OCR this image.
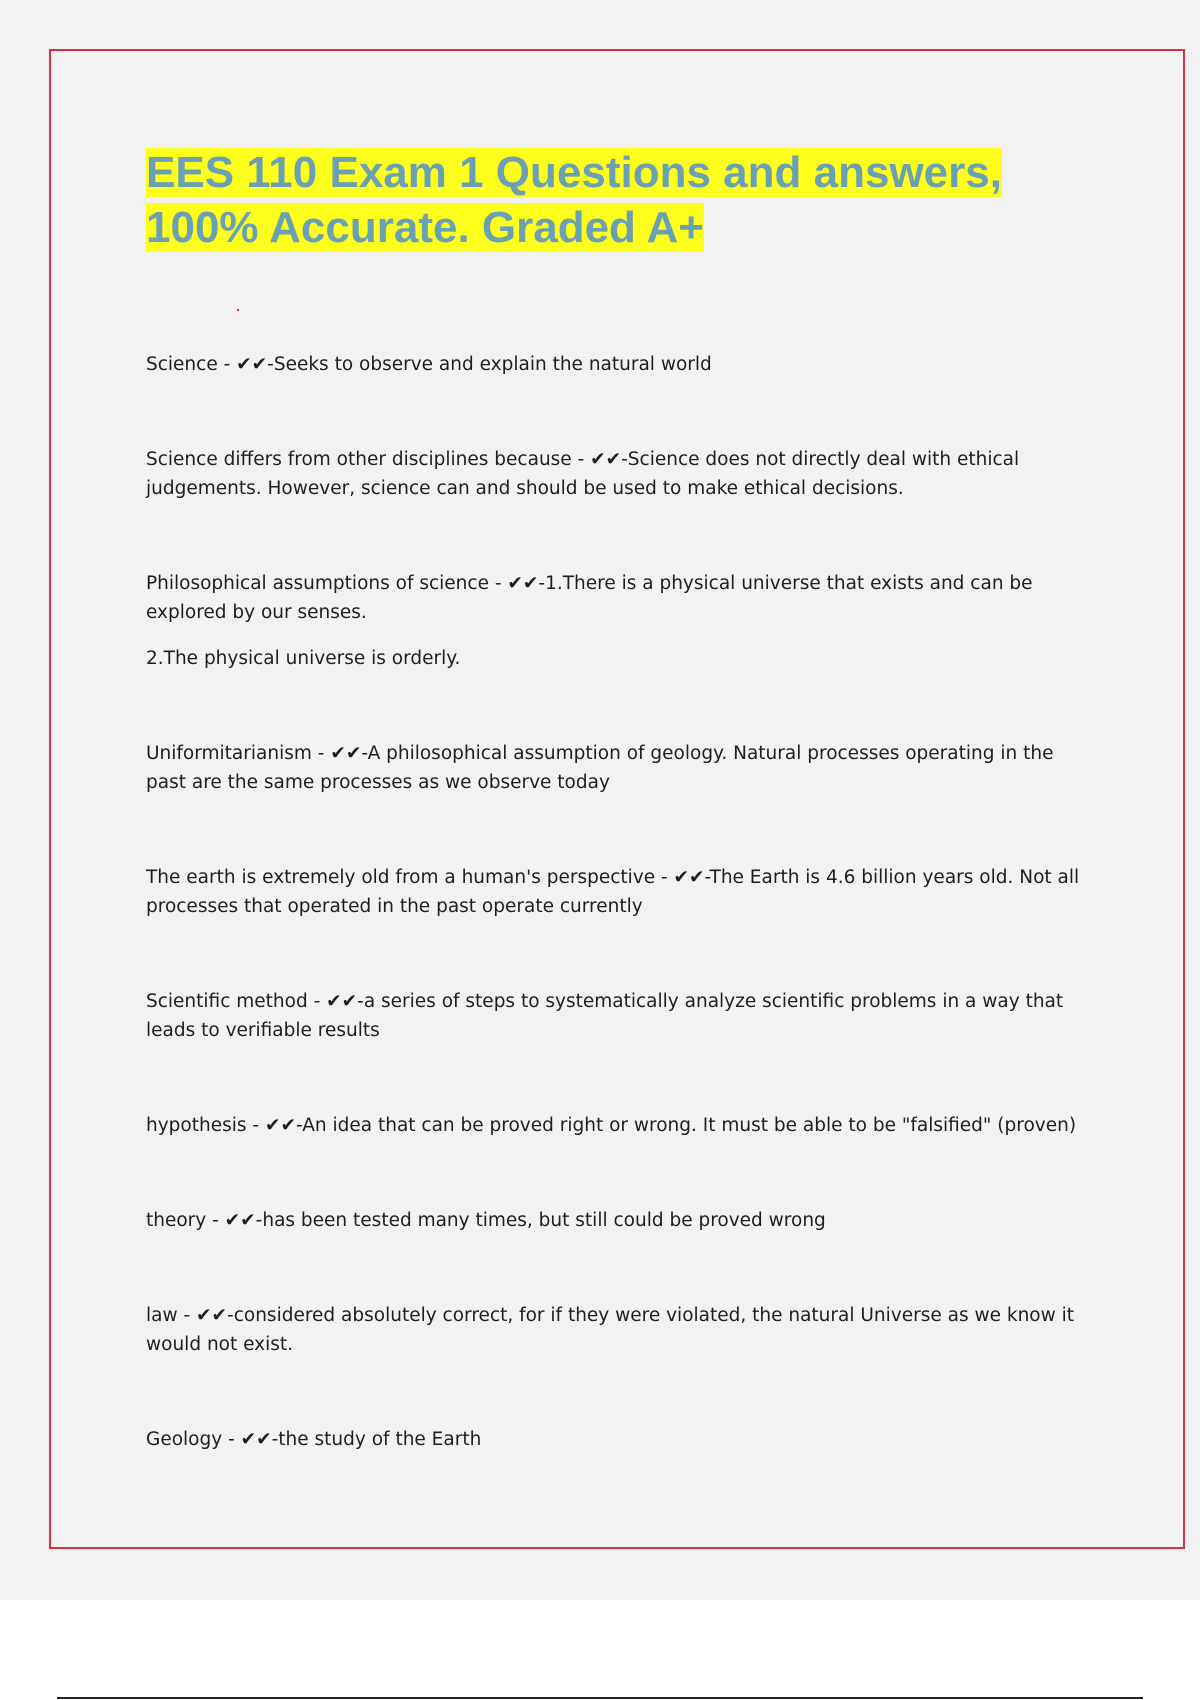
EES 110 Exam 1 Questions and answers, 100% Accurate. Graded A+

Science - ✔✔-Seeks to observe and explain the natural world

Science differs from other disciplines because - ✔✔-Science does not directly deal with ethical judgements. However, science can and should be used to make ethical decisions.

Philosophical assumptions of science - ✔✔-1.There is a physical universe that exists and can be explored by our senses.

2.The physical universe is orderly.

Uniformitarianism - ✔✔-A philosophical assumption of geology. Natural processes operating in the past are the same processes as we observe today

The earth is extremely old from a human's perspective - ✔✔-The Earth is 4.6 billion years old. Not all processes that operated in the past operate currently

Scientific method - ✔✔-a series of steps to systematically analyze scientific problems in a way that leads to verifiable results

hypothesis - ✔✔-An idea that can be proved right or wrong. It must be able to be "falsified" (proven)

theory - ✔✔-has been tested many times, but still could be proved wrong

law - ✔✔-considered absolutely correct, for if they were violated, the natural Universe as we know it would not exist.

Geology - ✔✔-the study of the Earth
